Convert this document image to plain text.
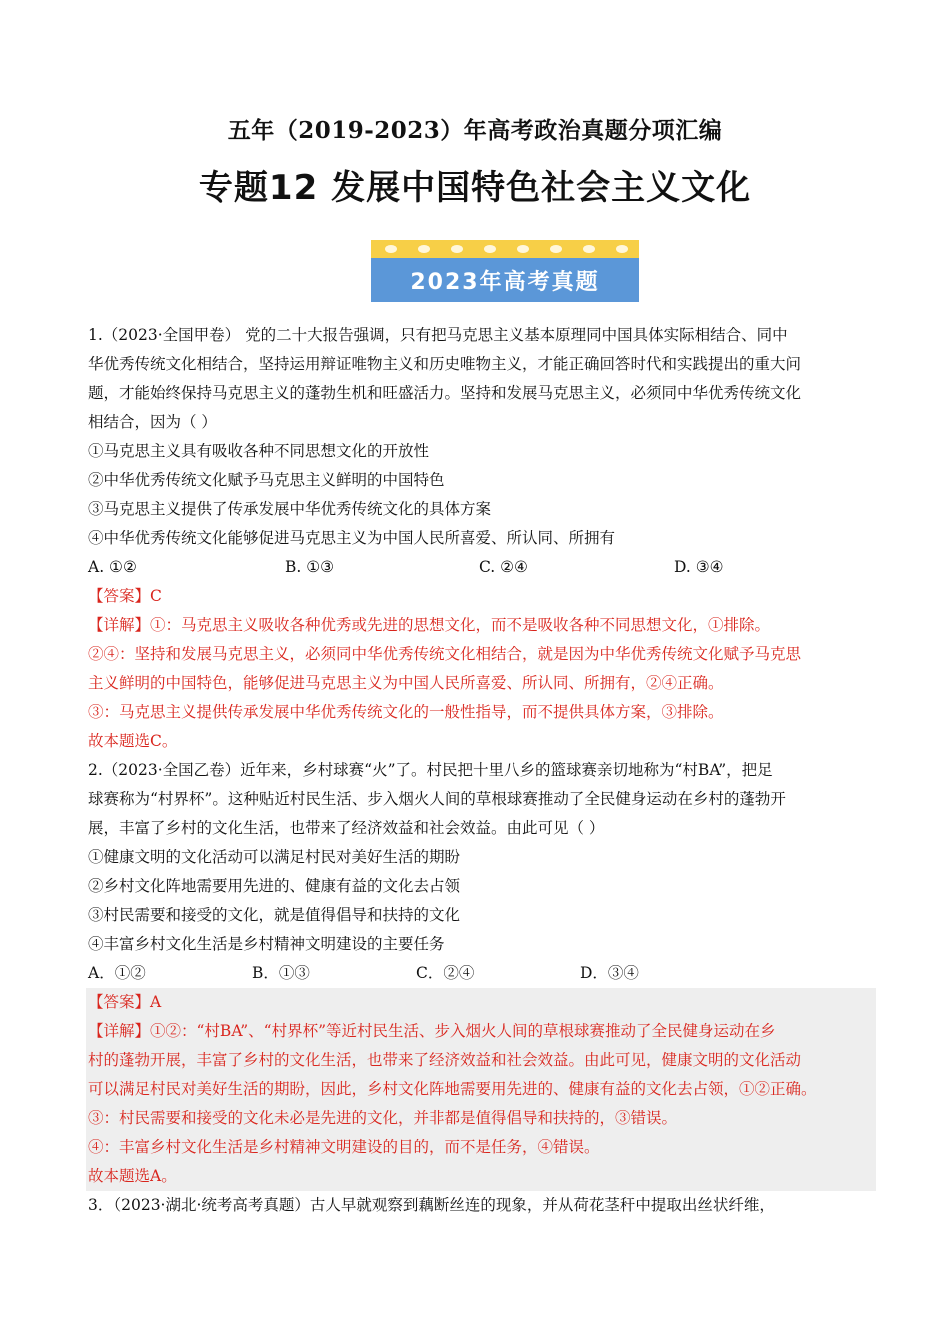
五年（2019-2023）年高考政治真题分项汇编
专题12 发展中国特色社会主义文化
2023年高考真题
1.（2023·全国甲卷） 党的二十大报告强调，只有把马克思主义基本原理同中国具体实际相结合、同中
华优秀传统文化相结合，坚持运用辩证唯物主义和历史唯物主义，才能正确回答时代和实践提出的重大问
题，才能始终保持马克思主义的蓬勃生机和旺盛活力。坚持和发展马克思主义，必须同中华优秀传统文化
相结合，因为（ ）
①马克思主义具有吸收各种不同思想文化的开放性
②中华优秀传统文化赋予马克思主义鲜明的中国特色
③马克思主义提供了传承发展中华优秀传统文化的具体方案
④中华优秀传统文化能够促进马克思主义为中国人民所喜爱、所认同、所拥有
A. ①②	B. ①③	C. ②④	D. ③④
【答案】C
【详解】①：马克思主义吸收各种优秀或先进的思想文化，而不是吸收各种不同思想文化，①排除。
②④：坚持和发展马克思主义，必须同中华优秀传统文化相结合，就是因为中华优秀传统文化赋予马克思
主义鲜明的中国特色，能够促进马克思主义为中国人民所喜爱、所认同、所拥有，②④正确。
③：马克思主义提供传承发展中华优秀传统文化的一般性指导，而不提供具体方案，③排除。
故本题选C。
2.（2023·全国乙卷）近年来，乡村球赛“火”了。村民把十里八乡的篮球赛亲切地称为“村BA”，把足
球赛称为“村界杯”。这种贴近村民生活、步入烟火人间的草根球赛推动了全民健身运动在乡村的蓬勃开
展，丰富了乡村的文化生活，也带来了经济效益和社会效益。由此可见（ ）
①健康文明的文化活动可以满足村民对美好生活的期盼
②乡村文化阵地需要用先进的、健康有益的文化去占领
③村民需要和接受的文化，就是值得倡导和扶持的文化
④丰富乡村文化生活是乡村精神文明建设的主要任务
A．①②	B．①③	C．②④	D．③④
【答案】A
【详解】①②：“村BA”、“村界杯”等近村民生活、步入烟火人间的草根球赛推动了全民健身运动在乡
村的蓬勃开展，丰富了乡村的文化生活，也带来了经济效益和社会效益。由此可见，健康文明的文化活动
可以满足村民对美好生活的期盼，因此，乡村文化阵地需要用先进的、健康有益的文化去占领，①②正确。
③：村民需要和接受的文化未必是先进的文化，并非都是值得倡导和扶持的，③错误。
④：丰富乡村文化生活是乡村精神文明建设的目的，而不是任务，④错误。
故本题选A。
3．（2023·湖北·统考高考真题）古人早就观察到藕断丝连的现象，并从荷花茎秆中提取出丝状纤维，
